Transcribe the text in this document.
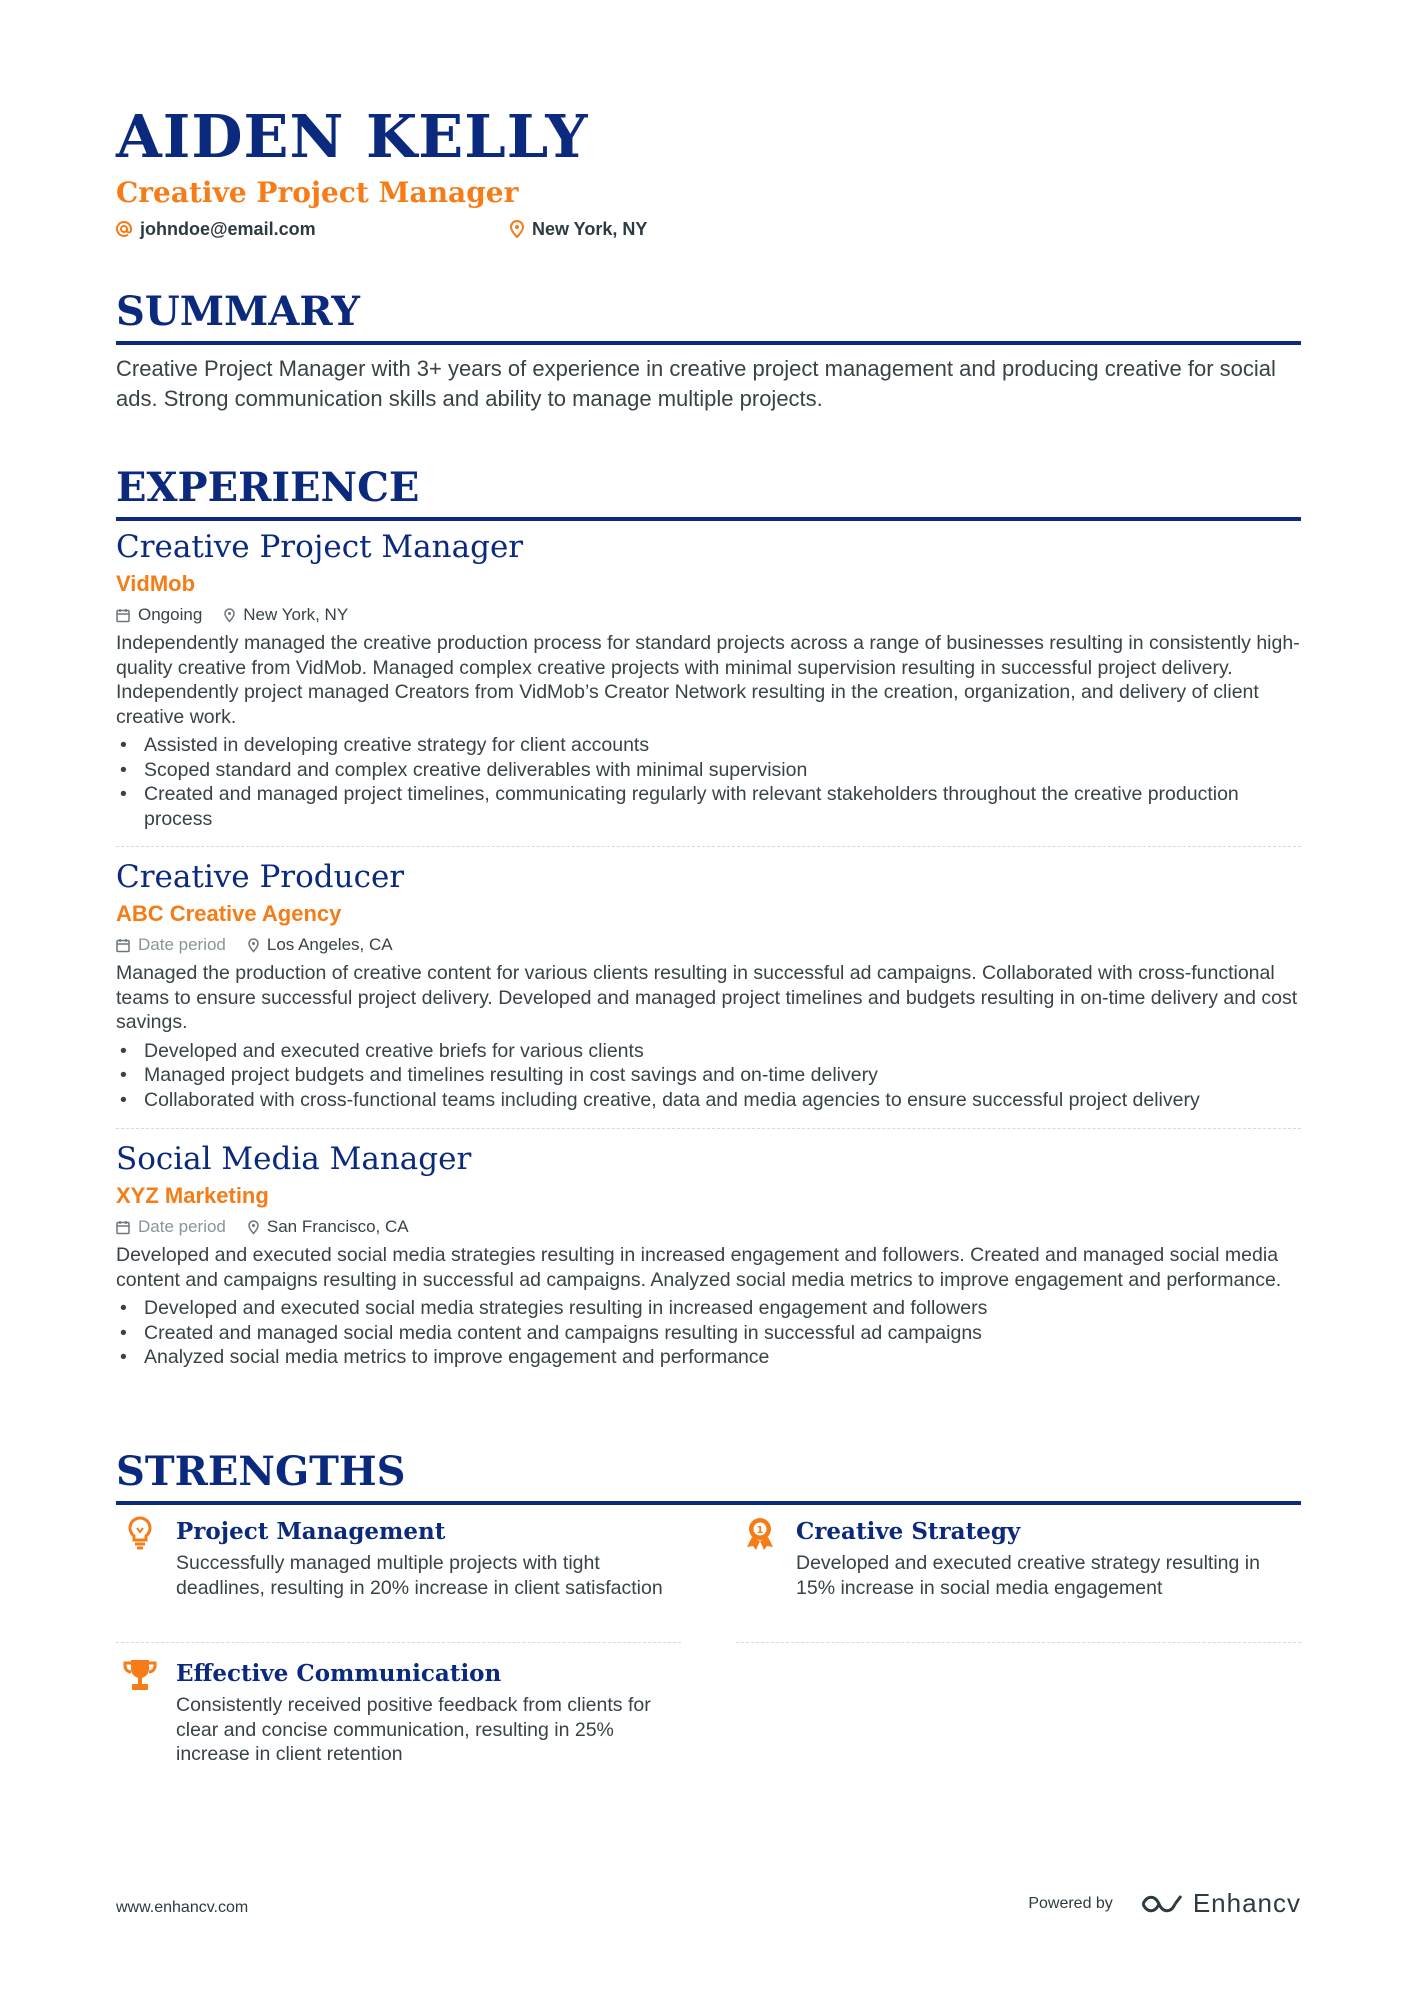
AIDEN KELLY
Creative Project Manager
johndoe@email.com	New York, NY
SUMMARY
Creative Project Manager with 3+ years of experience in creative project management and producing creative for social ads. Strong communication skills and ability to manage multiple projects.
EXPERIENCE
Creative Project Manager
VidMob
Ongoing New York, NY
Independently managed the creative production process for standard projects across a range of businesses resulting in consistently high-quality creative from VidMob. Managed complex creative projects with minimal supervision resulting in successful project delivery. Independently project managed Creators from VidMob’s Creator Network resulting in the creation, organization, and delivery of client creative work.
• Assisted in developing creative strategy for client accounts
• Scoped standard and complex creative deliverables with minimal supervision
• Created and managed project timelines, communicating regularly with relevant stakeholders throughout the creative production process
Creative Producer
ABC Creative Agency
Date period Los Angeles, CA
Managed the production of creative content for various clients resulting in successful ad campaigns. Collaborated with cross-functional teams to ensure successful project delivery. Developed and managed project timelines and budgets resulting in on-time delivery and cost savings.
• Developed and executed creative briefs for various clients
• Managed project budgets and timelines resulting in cost savings and on-time delivery
• Collaborated with cross-functional teams including creative, data and media agencies to ensure successful project delivery
Social Media Manager
XYZ Marketing
Date period San Francisco, CA
Developed and executed social media strategies resulting in increased engagement and followers. Created and managed social media content and campaigns resulting in successful ad campaigns. Analyzed social media metrics to improve engagement and performance.
• Developed and executed social media strategies resulting in increased engagement and followers
• Created and managed social media content and campaigns resulting in successful ad campaigns
• Analyzed social media metrics to improve engagement and performance
STRENGTHS
Project Management
Successfully managed multiple projects with tight deadlines, resulting in 20% increase in client satisfaction
1 Creative Strategy
Developed and executed creative strategy resulting in 15% increase in social media engagement
Effective Communication
Consistently received positive feedback from clients for clear and concise communication, resulting in 25% increase in client retention
www.enhancv.com	Powered by	Enhancv
